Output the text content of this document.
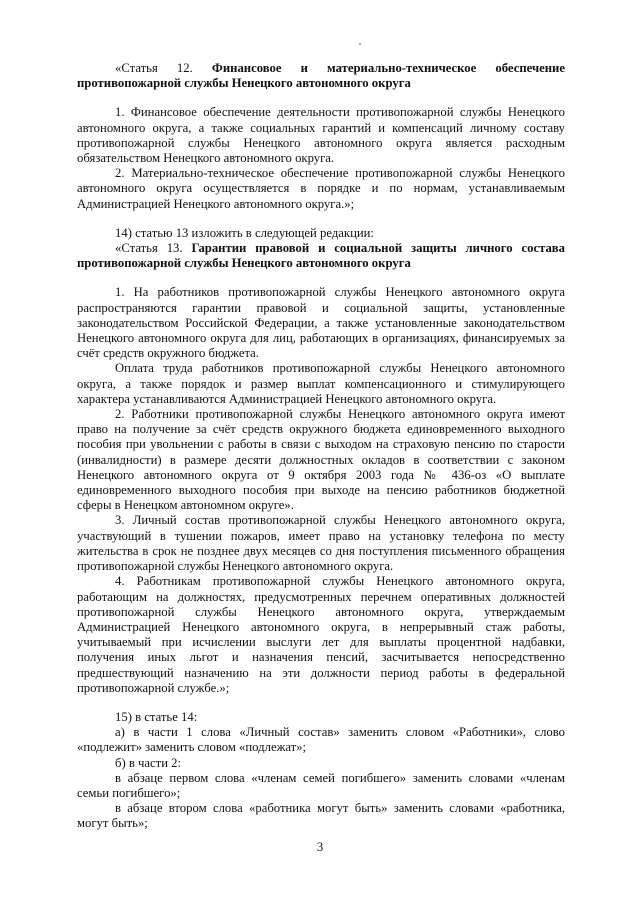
«Статья 12. Финансовое и материально-техническое обеспечение противопожарной службы Ненецкого автономного округа

1. Финансовое обеспечение деятельности противопожарной службы Ненецкого автономного округа, а также социальных гарантий и компенсаций личному составу противопожарной службы Ненецкого автономного округа является расходным обязательством Ненецкого автономного округа.

2. Материально-техническое обеспечение противопожарной службы Ненецкого автономного округа осуществляется в порядке и по нормам, устанавливаемым Администрацией Ненецкого автономного округа.»;

14) статью 13 изложить в следующей редакции:

«Статья 13. Гарантии правовой и социальной защиты личного состава противопожарной службы Ненецкого автономного округа

1. На работников противопожарной службы Ненецкого автономного округа распространяются гарантии правовой и социальной защиты, установленные законодательством Российской Федерации, а также установленные законодательством Ненецкого автономного округа для лиц, работающих в организациях, финансируемых за счёт средств окружного бюджета.

Оплата труда работников противопожарной службы Ненецкого автономного округа, а также порядок и размер выплат компенсационного и стимулирующего характера устанавливаются Администрацией Ненецкого автономного округа.

2. Работники противопожарной службы Ненецкого автономного округа имеют право на получение за счёт средств окружного бюджета единовременного выходного пособия при увольнении с работы в связи с выходом на страховую пенсию по старости (инвалидности) в размере десяти должностных окладов в соответствии с законом Ненецкого автономного округа от 9 октября 2003 года № 436-оз «О выплате единовременного выходного пособия при выходе на пенсию работников бюджетной сферы в Ненецком автономном округе».

3. Личный состав противопожарной службы Ненецкого автономного округа, участвующий в тушении пожаров, имеет право на установку телефона по месту жительства в срок не позднее двух месяцев со дня поступления письменного обращения противопожарной службы Ненецкого автономного округа.

4. Работникам противопожарной службы Ненецкого автономного округа, работающим на должностях, предусмотренных перечнем оперативных должностей противопожарной службы Ненецкого автономного округа, утверждаемым Администрацией Ненецкого автономного округа, в непрерывный стаж работы, учитываемый при исчислении выслуги лет для выплаты процентной надбавки, получения иных льгот и назначения пенсий, засчитывается непосредственно предшествующий назначению на эти должности период работы в федеральной противопожарной службе.»;

15) в статье 14:

а) в части 1 слова «Личный состав» заменить словом «Работники», слово «подлежит» заменить словом «подлежат»;

б) в части 2:

в абзаце первом слова «членам семей погибшего» заменить словами «членам семьи погибшего»;

в абзаце втором слова «работника могут быть» заменить словами «работника, могут быть»;

3
